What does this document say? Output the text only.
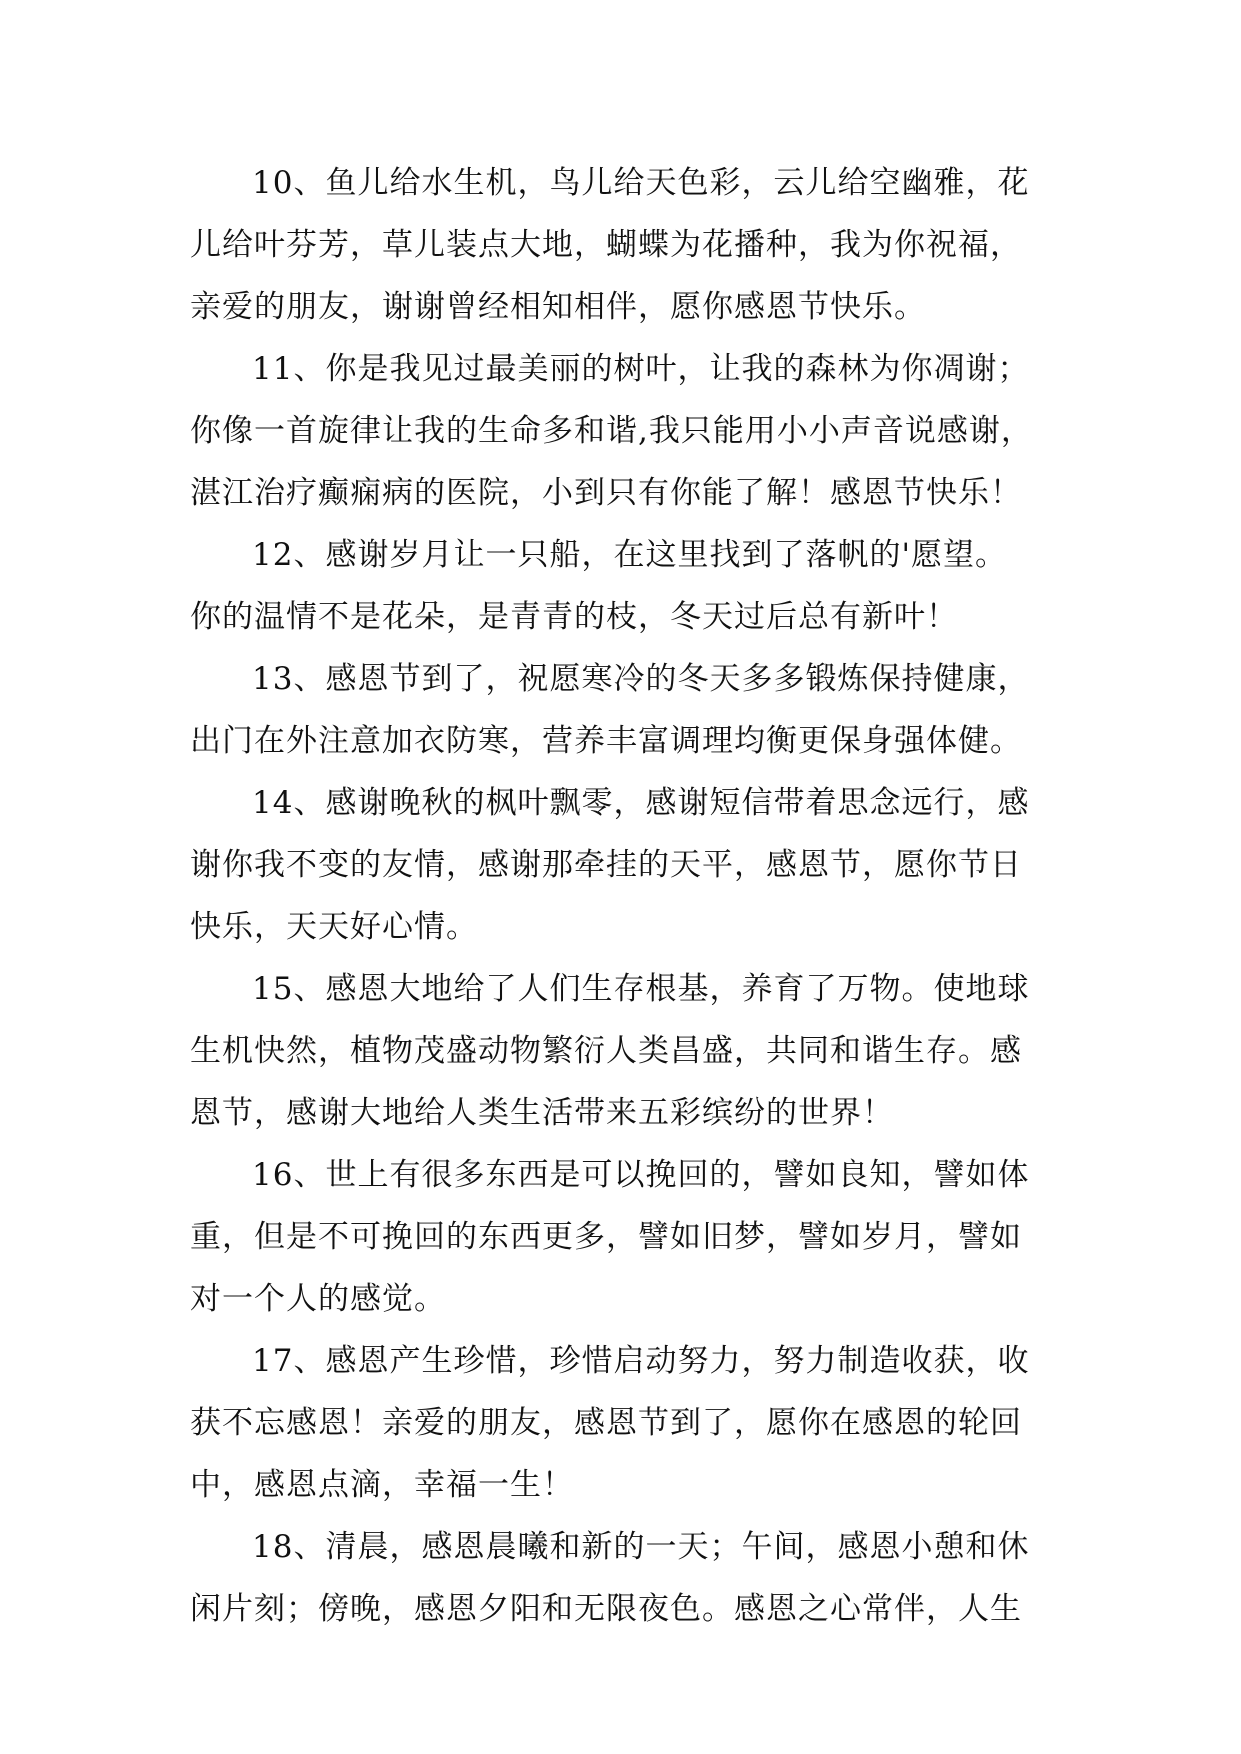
10、鱼儿给水生机，鸟儿给天色彩，云儿给空幽雅，花
儿给叶芬芳，草儿装点大地，蝴蝶为花播种，我为你祝福，
亲爱的朋友，谢谢曾经相知相伴，愿你感恩节快乐。

11、你是我见过最美丽的树叶，让我的森林为你凋谢；
你像一首旋律让我的生命多和谐,我只能用小小声音说感谢，
湛江治疗癫痫病的医院，小到只有你能了解！感恩节快乐！

12、感谢岁月让一只船，在这里找到了落帆的'愿望。
你的温情不是花朵，是青青的枝，冬天过后总有新叶！

13、感恩节到了，祝愿寒冷的冬天多多锻炼保持健康，
出门在外注意加衣防寒，营养丰富调理均衡更保身强体健。

14、感谢晚秋的枫叶飘零，感谢短信带着思念远行，感
谢你我不变的友情，感谢那牵挂的天平，感恩节，愿你节日
快乐，天天好心情。

15、感恩大地给了人们生存根基，养育了万物。使地球
生机快然，植物茂盛动物繁衍人类昌盛，共同和谐生存。感
恩节，感谢大地给人类生活带来五彩缤纷的世界！

16、世上有很多东西是可以挽回的，譬如良知，譬如体
重，但是不可挽回的东西更多，譬如旧梦，譬如岁月，譬如
对一个人的感觉。

17、感恩产生珍惜，珍惜启动努力，努力制造收获，收
获不忘感恩！亲爱的朋友，感恩节到了，愿你在感恩的轮回
中，感恩点滴，幸福一生！

18、清晨，感恩晨曦和新的一天；午间，感恩小憩和休
闲片刻；傍晚，感恩夕阳和无限夜色。感恩之心常伴，人生
